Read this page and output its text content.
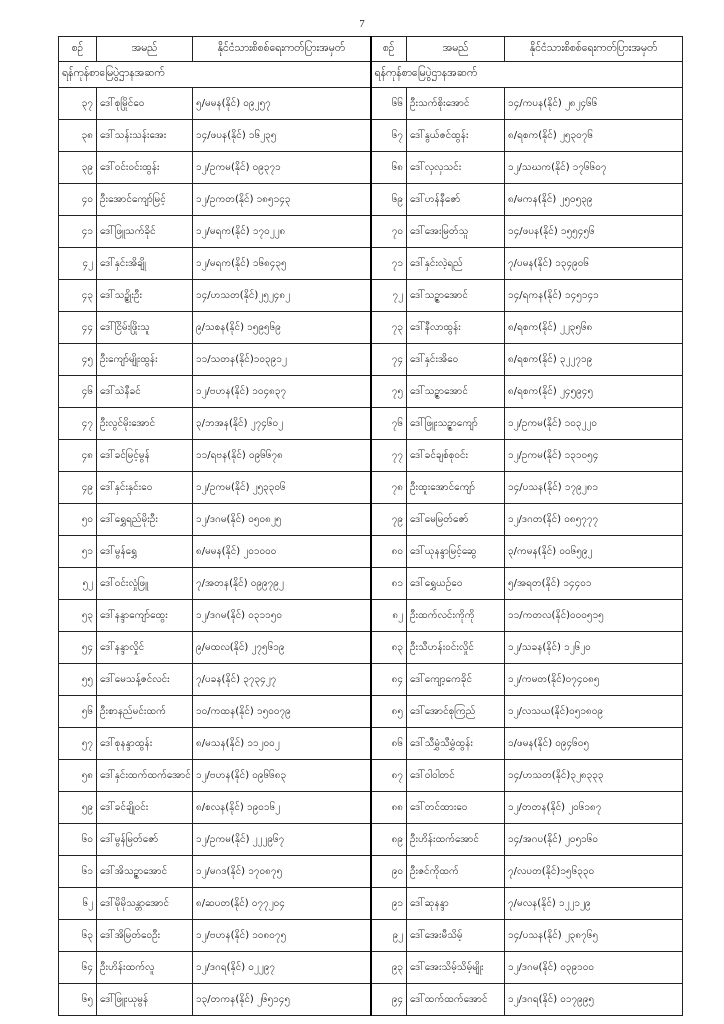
7
စဉ်	အမည်	နိုင်ငံသားစိစစ်ရေးကတ်ပြားအမှတ်	စဉ်	အမည်	နိုင်ငံသားစိစစ်ရေးကတ်ပြားအမှတ်
ရန်ကုန်စာမြေပွဲဌာနအဆက်			ရန်ကုန်စာမြေပွဲဌာနအဆက်		
၃၇	ဒေါ်စုမြိုင်ဝေ	၅/မမန(နိုင်) ၀၉၂၅၇	၆၆	ဦးသက်စိုးအောင်	၁၄/ကပန(နိုင်) ၂၈၂၄၆၆
၃၈	ဒေါ်သန်းသန်းအေး	၁၄/ဖပန(နိုင်) ၁၆၂၃၅	၆၇	ဒေါ်နွယ်ဇင်ထွန်း	၈/ရစက(နိုင်) ၂၅၃၀၇၆
၃၉	ဒေါ်ဝင်းဝင်းထွန်း	၁၂/ဥကမ(နိုင်) ၀၉၃၇၁	၆၈	ဒေါ်လှလှသင်း	၁၂/သဃက(နိုင်) ၁၇၆၆၀၇
၄၀	ဦးအောင်ကျော်မြင့်	၁၂/ဥကတ(နိုင်) ၁၈၅၁၄၃	၆၉	ဒေါ်ဟန်နီဇော်	၈/မကန(နိုင်) ၂၅၀၅၃၉
၄၁	ဒေါ်ဖြူသက်ခိုင်	၁၂/မရက(နိုင်) ၁၇၀၂၂၈	၇၀	ဒေါ်အေးမြတ်သူ	၁၄/ဖပန(နိုင်) ၁၅၅၄၅၆
၄၂	ဒေါ်နှင်းအိချို	၁၂/မရက(နိုင်) ၁၆၈၄၃၅	၇၁	ဒေါ်နှင်းလဲ့ရည်	၇/ပမန(နိုင်) ၁၃၄၉၀၆
၄၃	ဒေါ်သဉ္စိုးဦး	၁၄/ဟသတ(နိုင်)၂၅၂၄၈၂	၇၂	ဒေါ်သဉ္ဇာအောင်	၁၄/ရကန(နိုင်) ၁၄၅၁၄၁
၄၄	ဒေါ်ငြိမ်းဖြိုးသူ	၉/သစန(နိုင်) ၁၅၉၅၆၉	၇၃	ဒေါ်နီလာထွန်း	၈/ရစက(နိုင်) ၂၂၃၅၆၈
၄၅	ဦးကျော်မျိုးထွန်း	၁၁/သတန(နိုင်)၁၀၃၉၁၂	၇၄	ဒေါ်နှင်းအိဝေ	၈/ရစက(နိုင်) ၃၂၂၇၁၉
၄၆	ဒေါ်သဲနီခင်	၁၂/ဗဟန(နိုင်) ၁၀၄၈၃၇	၇၅	ဒေါ်သဉ္ဇာအောင်	၈/ရစက(နိုင်) ၂၄၅၉၄၅
၄၇	ဦးလွင်မိုးအောင်	၃/ဘအန(နိုင်) ၂၇၄၆၀၂	၇၆	ဒေါ်ဖြူးသဉ္ဇာကျော်	၁၂/ဥကမ(နိုင်) ၁၀၃၂၂၀
၄၈	ဒေါ်ခင်မြင့်မွန်	၁၁/ရဗန(နိုင်) ၀၉၆၆၇၈	၇၇	ဒေါ်ခင်ချစ်စုဝင်း	၁၂/ဥကမ(နိုင်) ၁၃၁၀၅၄
၄၉	ဒေါ်နှင်းနှင်းဝေ	၁၂/ဥကမ(နိုင်) ၂၅၃၃၀၆	၇၈	ဦးထူးအောင်ကျော်	၁၄/ပသန(နိုင်) ၁၇၉၂၈၁
၅၀	ဒေါ်ရွှေရည်မိုးဦး	၁၂/ဒဂမ(နိုင်) ၀၅၀၈၂၅	၇၉	ဒေါ်မေမြတ်ဇော်	၁၂/ဒဂတ(နိုင်) ၀၈၅၇၇၇
၅၁	ဒေါ်မွန်ရွှေ	၈/မမန(နိုင်) ၂၀၁၀၀၀	၈၀	ဒေါ်ယုနန္ဒာမြင့်ဆွေ	၃/ကမန(နိုင်) ၀၀၆၅၉၂
၅၂	ဒေါ်ဝင်းလှုံဖြူ	၇/အတန(နိုင်) ၀၉၉၇၉၂	၈၁	ဒေါ်ရွှေယဉ်ဝေ	၅/အရတ(နိုင်) ၁၄၄၀၁
၅၃	ဒေါ်နန္ဒာကျော်ထွေး	၁၂/ဒဂမ(နိုင်) ၀၃၁၁၅၀	၈၂	ဦးထက်လင်းကိုကို	၁၁/ကတလ(နိုင်)၀၀၀၅၁၅
၅၄	ဒေါ်နန္ဒာလှိုင်	၉/မထလ(နိုင်) ၂၇၅၆၁၉	၈၃	ဦးသီဟန်းဝင်းလှိုင်	၁၂/သခန(နိုင်) ၁၂၆၂၀
၅၅	ဒေါ်မေသန့်ဇင်လင်း	၇/ပခန(နိုင်) ၃၇၃၄၂၇	၈၄	ဒေါ်ကျော့ကေခိုင်	၁၂/ကမတ(နိုင်)၀၇၄၀၈၅
၅၆	ဦးစာနည်မင်းထက်	၁၀/ကထန(နိုင်) ၁၅၀၀၇၉	၈၅	ဒေါ်အောင်စုကြည်	၁၂/လသယ(နိုင်)၀၅၁၈၀၉
၅၇	ဒေါ်စုနန္ဒာထွန်း	၈/မသန(နိုင်) ၁၁၂၀၀၂	၈၆	ဒေါ်သီမွှံသီမွှံထွန်း	၁/ဖမန(နိုင်) ၀၉၄၆၀၅
၅၈	ဒေါ်နှင်းထက်ထက်အောင်	၁၂/ဗဟန(နိုင်) ၀၉၆၆၈၃	၈၇	ဒေါ်ဝါဝါတင်	၁၄/ဟသတ(နိုင်)၃၂၈၃၃၃
၅၉	ဒေါ်ခင်ချိုဝင်း	၈/စလန(နိုင်) ၁၉၀၁၆၂	၈၈	ဒေါ်တင်ထားဝေ	၁၂/တတန(နိုင်) ၂၀၆၁၈၇
၆၀	ဒေါ်မွန်မြတ်ဇော်	၁၂/ဥကမ(နိုင်) ၂၂၂၉၆၇	၈၉	ဦးဟိန်းထက်အောင်	၁၄/အဂပ(နိုင်) ၂၀၅၁၆၀
၆၁	ဒေါ်အိသဉ္ဇာအောင်	၁၂/မဂဒ(နိုင်) ၁၇၀၈၇၅	၉၀	ဦးဇင်ကိုထက်	၇/လပတ(နိုင်)၁၅၆၃၃၀
၆၂	ဒေါ်မိုမိုသန္တာအောင်	၈/ဆပတ(နိုင်) ၀၇၇၂၀၄	၉၁	ဒေါ်ဆုနန္ဒာ	၇/မလန(နိုင်) ၁၂၂၁၂၉
၆၃	ဒေါ်အိမြတ်ဝေဦး	၁၂/ဗဟန(နိုင်) ၁၀၈၀၇၅	၉၂	ဒေါ်အေးမီသိမ့်	၁၄/ပသန(နိုင်) ၂၃၈၇၆၅
၆၄	ဦးဟိန်းထက်လူ	၁၂/ဒဂရ(နိုင်) ၀၂၂၉၇	၉၃	ဒေါ်အေးသိမ့်သိမ့်မျိုး	၁၂/ဒဂမ(နိုင်) ၀၃၉၁၀၀
၆၅	ဒေါ်ဖြူးယုမွန်	၁၃/တကန(နိုင်) ၂၆၅၁၄၅	၉၄	ဒေါ်ထက်ထက်အောင်	၁၂/ဒဂရ(နိုင်) ၀၁၇၉၉၅
